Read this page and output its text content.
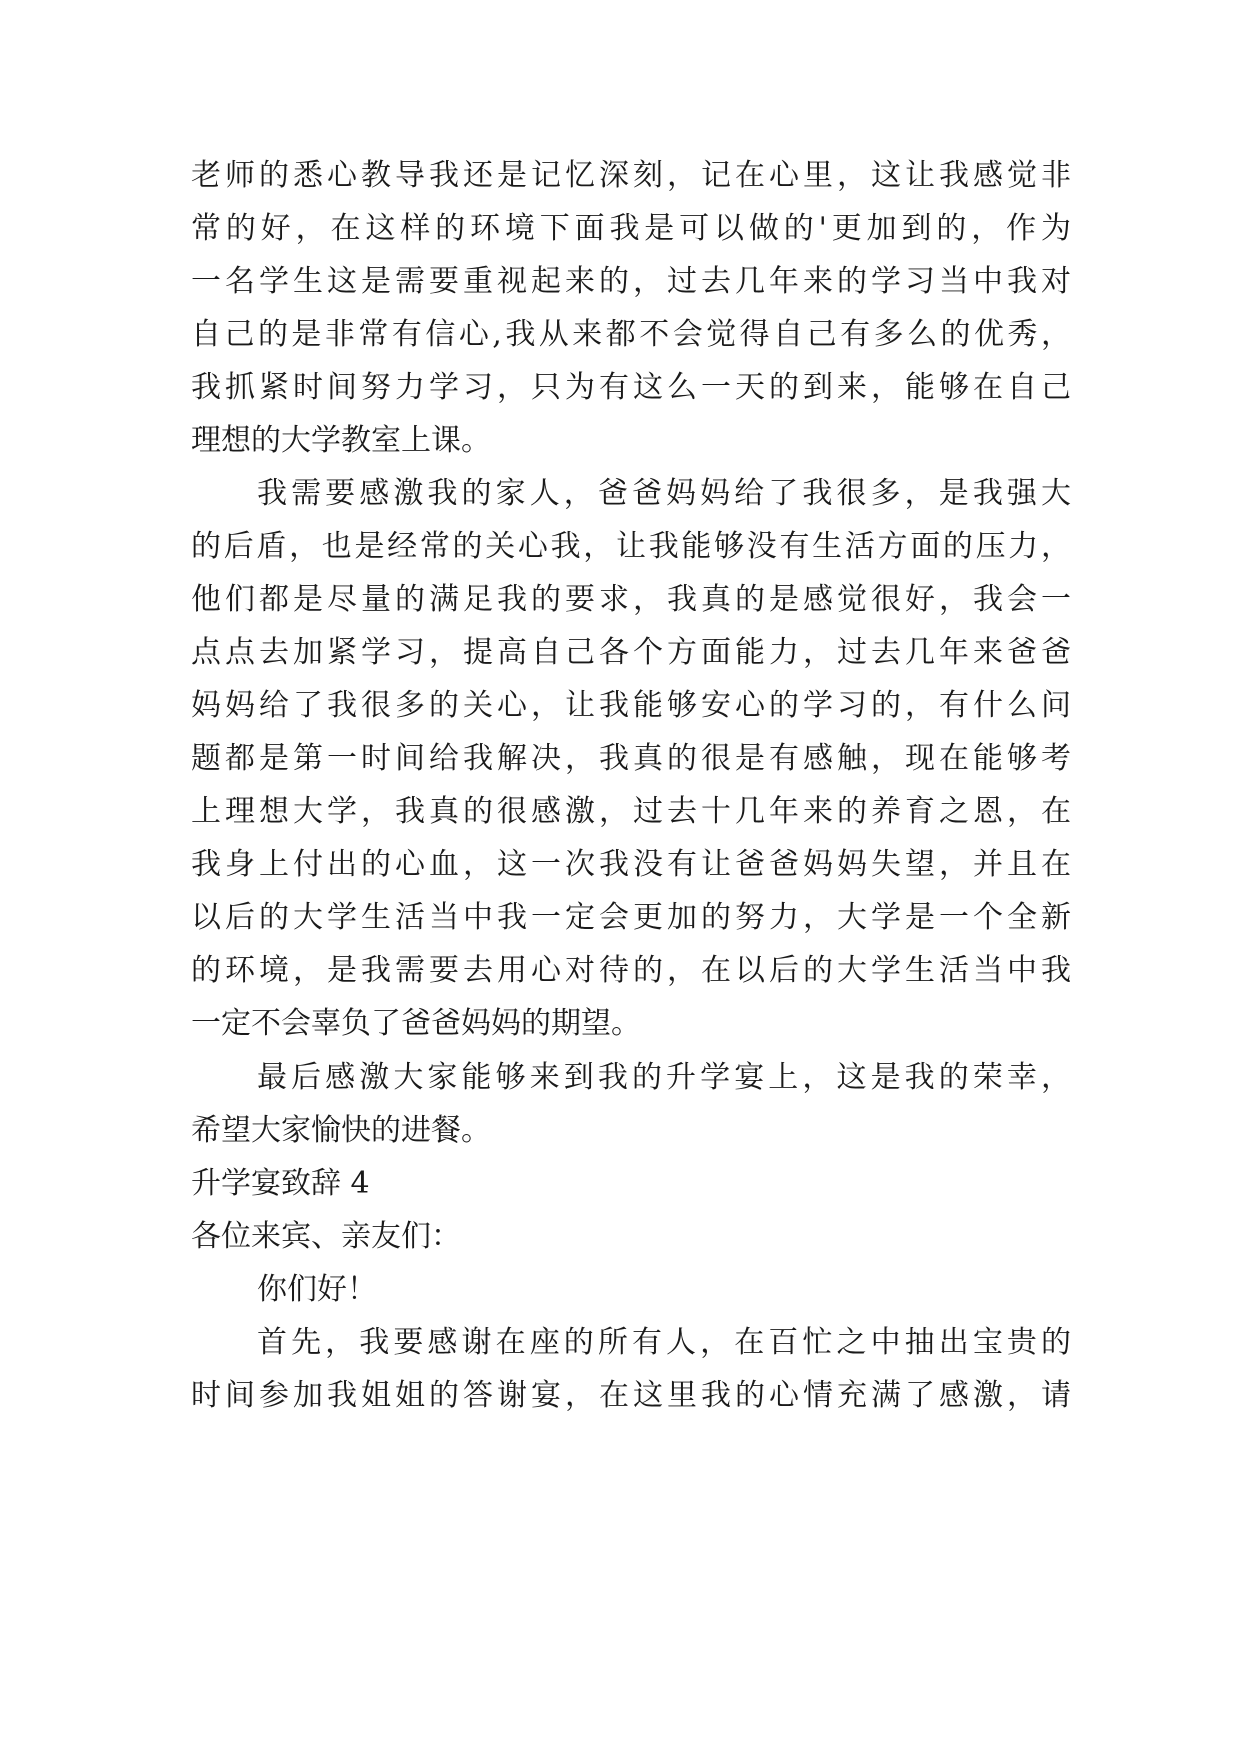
老师的悉心教导我还是记忆深刻，记在心里，这让我感觉非
常的好，在这样的环境下面我是可以做的'更加到的，作为
一名学生这是需要重视起来的，过去几年来的学习当中我对
自己的是非常有信心,我从来都不会觉得自己有多么的优秀，
我抓紧时间努力学习，只为有这么一天的到来，能够在自己
理想的大学教室上课。
我需要感激我的家人，爸爸妈妈给了我很多，是我强大
的后盾，也是经常的关心我，让我能够没有生活方面的压力，
他们都是尽量的满足我的要求，我真的是感觉很好，我会一
点点去加紧学习，提高自己各个方面能力，过去几年来爸爸
妈妈给了我很多的关心，让我能够安心的学习的，有什么问
题都是第一时间给我解决，我真的很是有感触，现在能够考
上理想大学，我真的很感激，过去十几年来的养育之恩，在
我身上付出的心血，这一次我没有让爸爸妈妈失望，并且在
以后的大学生活当中我一定会更加的努力，大学是一个全新
的环境，是我需要去用心对待的，在以后的大学生活当中我
一定不会辜负了爸爸妈妈的期望。
最后感激大家能够来到我的升学宴上，这是我的荣幸，
希望大家愉快的进餐。
升学宴致辞 4
各位来宾、亲友们：
你们好！
首先，我要感谢在座的所有人，在百忙之中抽出宝贵的
时间参加我姐姐的答谢宴，在这里我的心情充满了感激，请
